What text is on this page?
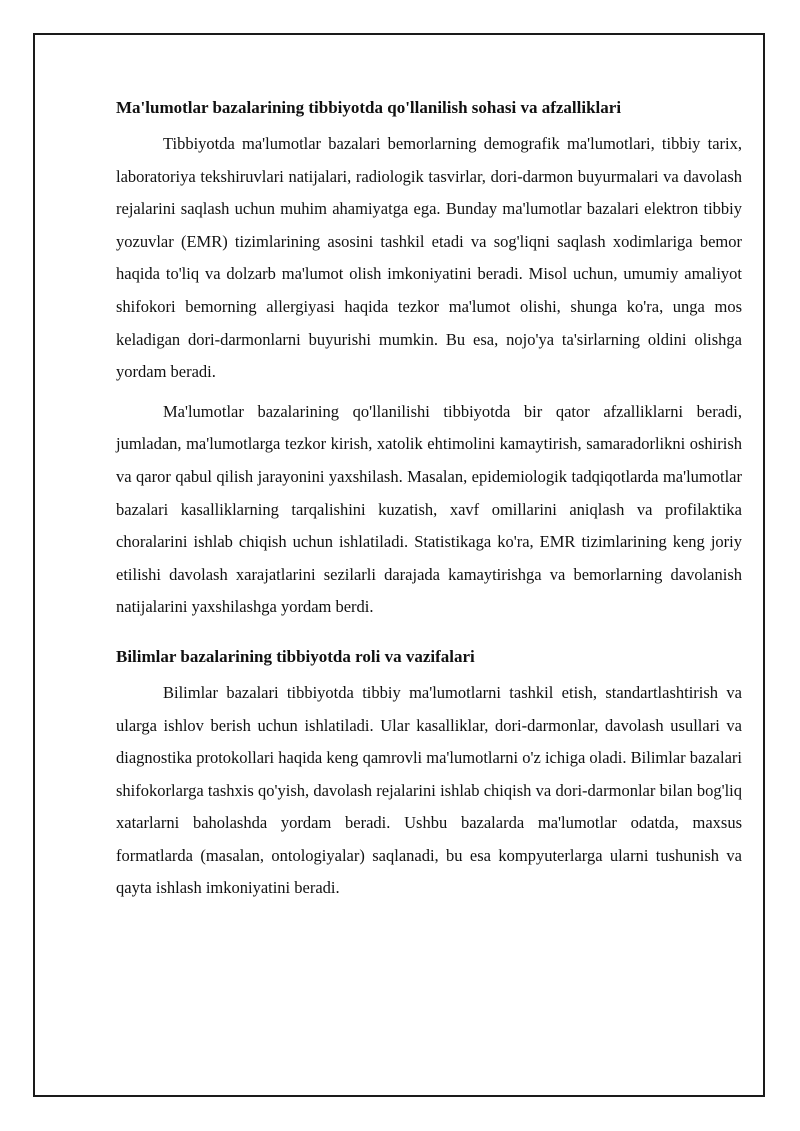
Ma'lumotlar bazalarining tibbiyotda qo'llanilish sohasi va afzalliklari

Tibbiyotda ma'lumotlar bazalari bemorlarning demografik ma'lumotlari, tibbiy tarix, laboratoriya tekshiruvlari natijalari, radiologik tasvirlar, dori-darmon buyurmalari va davolash rejalarini saqlash uchun muhim ahamiyatga ega. Bunday ma'lumotlar bazalari elektron tibbiy yozuvlar (EMR) tizimlarining asosini tashkil etadi va sog'liqni saqlash xodimlariga bemor haqida to'liq va dolzarb ma'lumot olish imkoniyatini beradi. Misol uchun, umumiy amaliyot shifokori bemorning allergiyasi haqida tezkor ma'lumot olishi, shunga ko'ra, unga mos keladigan dori-darmonlarni buyurishi mumkin. Bu esa, nojo'ya ta'sirlarning oldini olishga yordam beradi.

Ma'lumotlar bazalarining qo'llanilishi tibbiyotda bir qator afzalliklarni beradi, jumladan, ma'lumotlarga tezkor kirish, xatolik ehtimolini kamaytirish, samaradorlikni oshirish va qaror qabul qilish jarayonini yaxshilash. Masalan, epidemiologik tadqiqotlarda ma'lumotlar bazalari kasalliklarning tarqalishini kuzatish, xavf omillarini aniqlash va profilaktika choralarini ishlab chiqish uchun ishlatiladi. Statistikaga ko'ra, EMR tizimlarining keng joriy etilishi davolash xarajatlarini sezilarli darajada kamaytirishga va bemorlarning davolanish natijalarini yaxshilashga yordam berdi.

Bilimlar bazalarining tibbiyotda roli va vazifalari

Bilimlar bazalari tibbiyotda tibbiy ma'lumotlarni tashkil etish, standartlashtirish va ularga ishlov berish uchun ishlatiladi. Ular kasalliklar, dori-darmonlar, davolash usullari va diagnostika protokollari haqida keng qamrovli ma'lumotlarni o'z ichiga oladi. Bilimlar bazalari shifokorlarga tashxis qo'yish, davolash rejalarini ishlab chiqish va dori-darmonlar bilan bog'liq xatarlarni baholashda yordam beradi. Ushbu bazalarda ma'lumotlar odatda, maxsus formatlarda (masalan, ontologiyalar) saqlanadi, bu esa kompyuterlarga ularni tushunish va qayta ishlash imkoniyatini beradi.
